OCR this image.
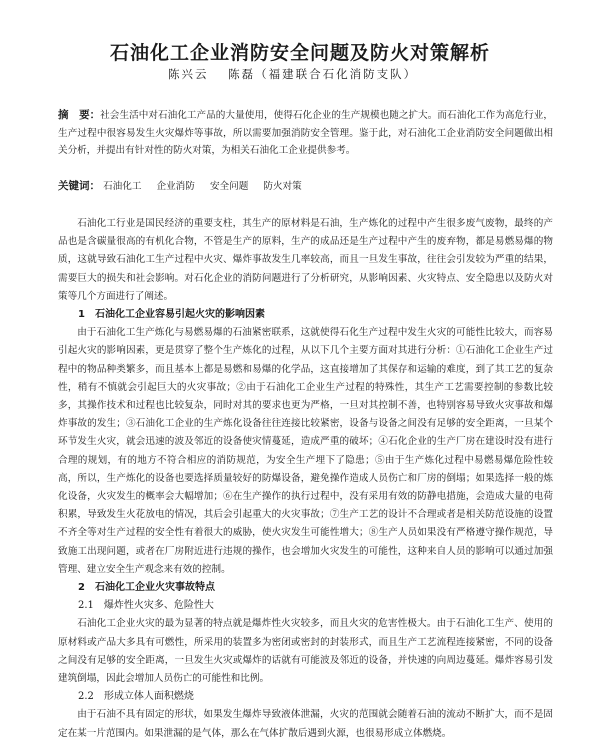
石油化工企业消防安全问题及防火对策解析
陈兴云 陈磊（福建联合石化消防支队）
摘　要：社会生活中对石油化工产品的大量使用，使得石化企业的生产规模也随之扩大。而石油化工作为高危行业，生产过程中很容易发生火灾爆炸等事故，所以需要加强消防安全管理。鉴于此，对石油化工企业消防安全问题做出相关分析，并提出有针对性的防火对策，为相关石油化工企业提供参考。
关键词： 石油化工 企业消防 安全问题 防火对策

石油化工行业是国民经济的重要支柱，其生产的原材料是石油，生产炼化的过程中产生很多废气废物，最终的产品也是含碳量很高的有机化合物，不管是生产的原料，生产的成品还是生产过程中产生的废弃物，都是易燃易爆的物质，这就导致石油化工生产过程中火灾、爆炸事故发生几率较高，而且一旦发生事故，往往会引发较为严重的结果，需要巨大的损失和社会影响。对石化企业的消防问题进行了分析研究，从影响因素、火灾特点、安全隐患以及防火对策等几个方面进行了阐述。

1　石油化工企业容易引起火灾的影响因素

由于石油化工生产炼化与易燃易爆的石油紧密联系，这就使得石化生产过程中发生火灾的可能性比较大，而容易引起火灾的影响因素，更是贯穿了整个生产炼化的过程，从以下几个主要方面对其进行分析：①石油化工企业生产过程中的物品种类繁多，而且基本上都是易燃和易爆的化学品，这直接增加了其保存和运输的难度，到了其工艺的复杂性，稍有不慎就会引起巨大的火灾事故；②由于石油化工企业生产过程的特殊性，其生产工艺需要控制的参数比较多，其操作技术和过程也比较复杂，同时对其的要求也更为严格，一旦对其控制不善，也特别容易导致火灾事故和爆炸事故的发生；③石油化工企业的生产炼化设备往往连接比较紧密，设备与设备之间没有足够的安全距离，一旦某个环节发生火灾，就会迅速的波及邻近的设备使灾情蔓延，造成严重的破坏；④石化企业的生产厂房在建设时没有进行合理的规划，有的地方不符合相应的消防规范，为安全生产埋下了隐患；⑤由于生产炼化过程中易燃易爆危险性较高，所以，生产炼化的设备也要选择质量较好的防爆设备，避免操作造成人员伤亡和厂房的倒塌；如果选择一般的炼化设备，火灾发生的概率会大幅增加；⑥在生产操作的执行过程中，没有采用有效的防静电措施，会造成大量的电荷积累，导致发生火花放电的情况，其后会引起重大的火灾事故；⑦生产工艺的设计不合理或者是相关防范设施的设置不齐全等对生产过程的安全性有着很大的威胁，使火灾发生可能性增大；⑧生产人员如果没有严格遵守操作规范，导致施工出现问题，或者在厂房附近进行违规的操作，也会增加火灾发生的可能性，这种来自人员的影响可以通过加强管理、建立安全生产观念来有效的控制。

2　石油化工企业火灾事故特点
2.1　爆炸性火灾多、危险性大

石油化工企业火灾的最为显著的特点就是爆炸性火灾较多，而且火灾的危害性极大。由于石油化工生产、使用的原材料或产品大多具有可燃性，所采用的装置多为密闭或密封的封装形式，而且生产工艺流程连接紧密，不同的设备之间没有足够的安全距离，一旦发生火灾或爆炸的话就有可能波及邻近的设备，并快速的向周边蔓延。爆炸容易引发建筑倒塌，因此会增加人员伤亡的可能性和比例。

2.2　形成立体人面积燃烧

由于石油不具有固定的形状，如果发生爆炸导致液体泄漏，火灾的范围就会随着石油的流动不断扩大，而不是固定在某一片范围内。如果泄漏的是气体，那么在气体扩散后遇到火源，也很易形成立体燃烧。
